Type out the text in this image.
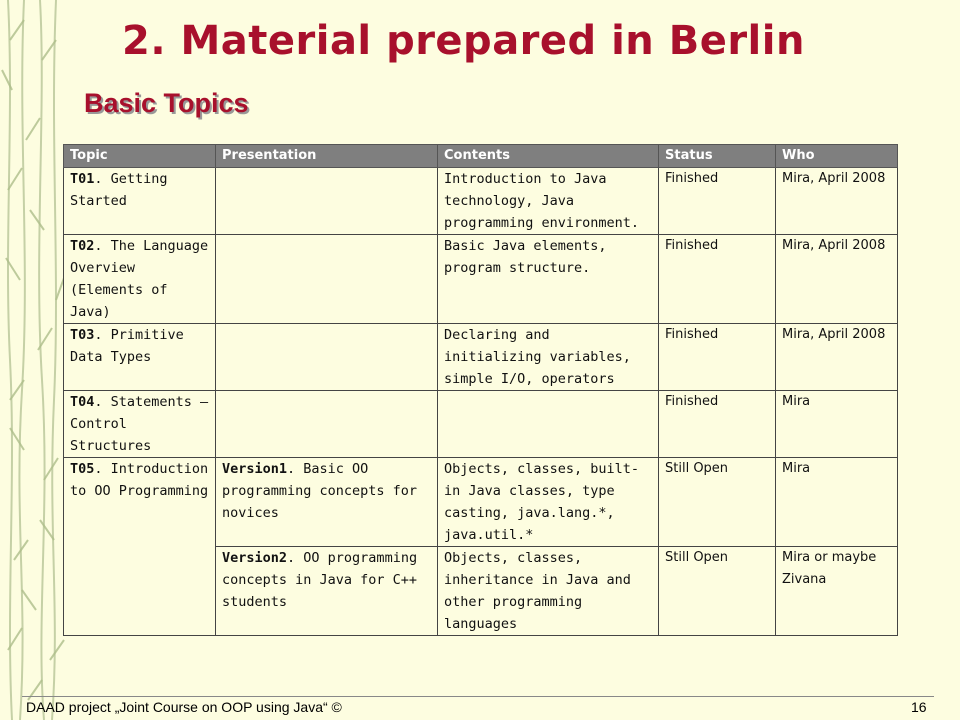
2. Material prepared in Berlin
Basic Topics
Topic	Presentation	Contents	Status	Who
T01. Getting Started		Introduction to Java technology, Java programming environment.	Finished	Mira, April 2008
T02. The Language Overview (Elements of Java)		Basic Java elements, program structure.	Finished	Mira, April 2008
T03. Primitive Data Types		Declaring and initializing variables, simple I/O, operators	Finished	Mira, April 2008
T04. Statements – Control Structures			Finished	Mira
T05. Introduction to OO Programming	Version1. Basic OO programming concepts for novices	Objects, classes, built-in Java classes, type casting, java.lang.*, java.util.*	Still Open	Mira
	Version2. OO programming concepts in Java for C++ students	Objects, classes, inheritance in Java and other programming languages	Still Open	Mira or maybe Zivana
DAAD project „Joint Course on OOP using Java“ ©	16
